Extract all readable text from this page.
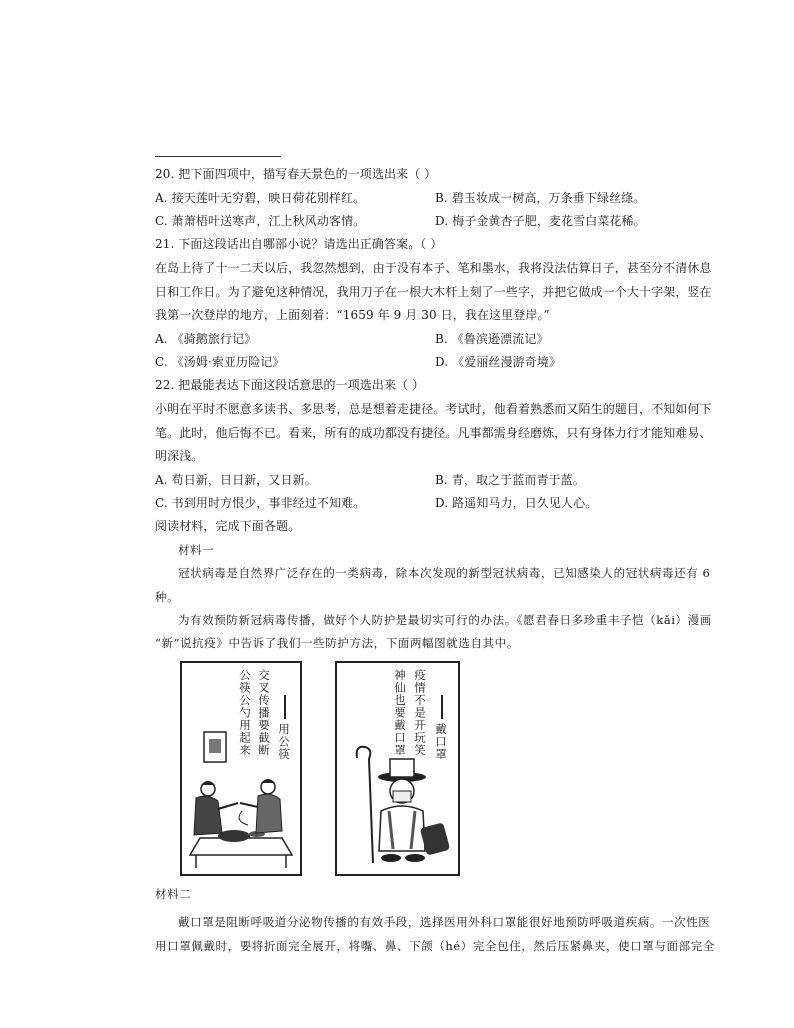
20. 把下面四项中，描写春天景色的一项选出来（ ）
A. 接天莲叶无穷碧，映日荷花别样红。	B. 碧玉妆成一树高，万条垂下绿丝绦。
C. 萧萧梧叶送寒声，江上秋风动客情。	D. 梅子金黄杏子肥，麦花雪白菜花稀。
21. 下面这段话出自哪部小说？请选出正确答案。（ ）
在岛上待了十一二天以后，我忽然想到，由于没有本子、笔和墨水，我将没法估算日子，甚至分不清休息
日和工作日。为了避免这种情况，我用刀子在一根大木杆上刻了一些字，并把它做成一个大十字架，竖在
我第一次登岸的地方，上面刻着：“1659 年 9 月 30 日，我在这里登岸。”
A. 《骑鹅旅行记》	B. 《鲁滨逊漂流记》
C. 《汤姆·索亚历险记》	D. 《爱丽丝漫游奇境》
22. 把最能表达下面这段话意思的一项选出来（ ）
小明在平时不愿意多读书、多思考，总是想着走捷径。考试时，他看着熟悉而又陌生的题目，不知如何下
笔。此时，他后悔不已。看来，所有的成功都没有捷径。凡事都需身经磨炼，只有身体力行才能知难易、
明深浅。
A. 苟日新，日日新，又日新。	B. 青，取之于蓝而青于蓝。
C. 书到用时方恨少，事非经过不知难。	D. 路遥知马力，日久见人心。
阅读材料，完成下面各题。
材料一
冠状病毒是自然界广泛存在的一类病毒，除本次发现的新型冠状病毒，已知感染人的冠状病毒还有 6
种。
为有效预防新冠病毒传播，做好个人防护是最切实可行的办法。《愿君春日多珍重丰子恺（kǎi）漫画
“新”说抗疫》中告诉了我们一些防护方法，下面两幅图就选自其中。
用公筷
交叉传播要截断
公筷公勺用起来	戴口罩
疫情不是开玩笑
神仙也要戴口罩
材料二
戴口罩是阻断呼吸道分泌物传播的有效手段，选择医用外科口罩能很好地预防呼吸道疾病。一次性医
用口罩佩戴时，要将折面完全展开，将嘴、鼻、下颌（hé）完全包住，然后压紧鼻夹，使口罩与面部完全
